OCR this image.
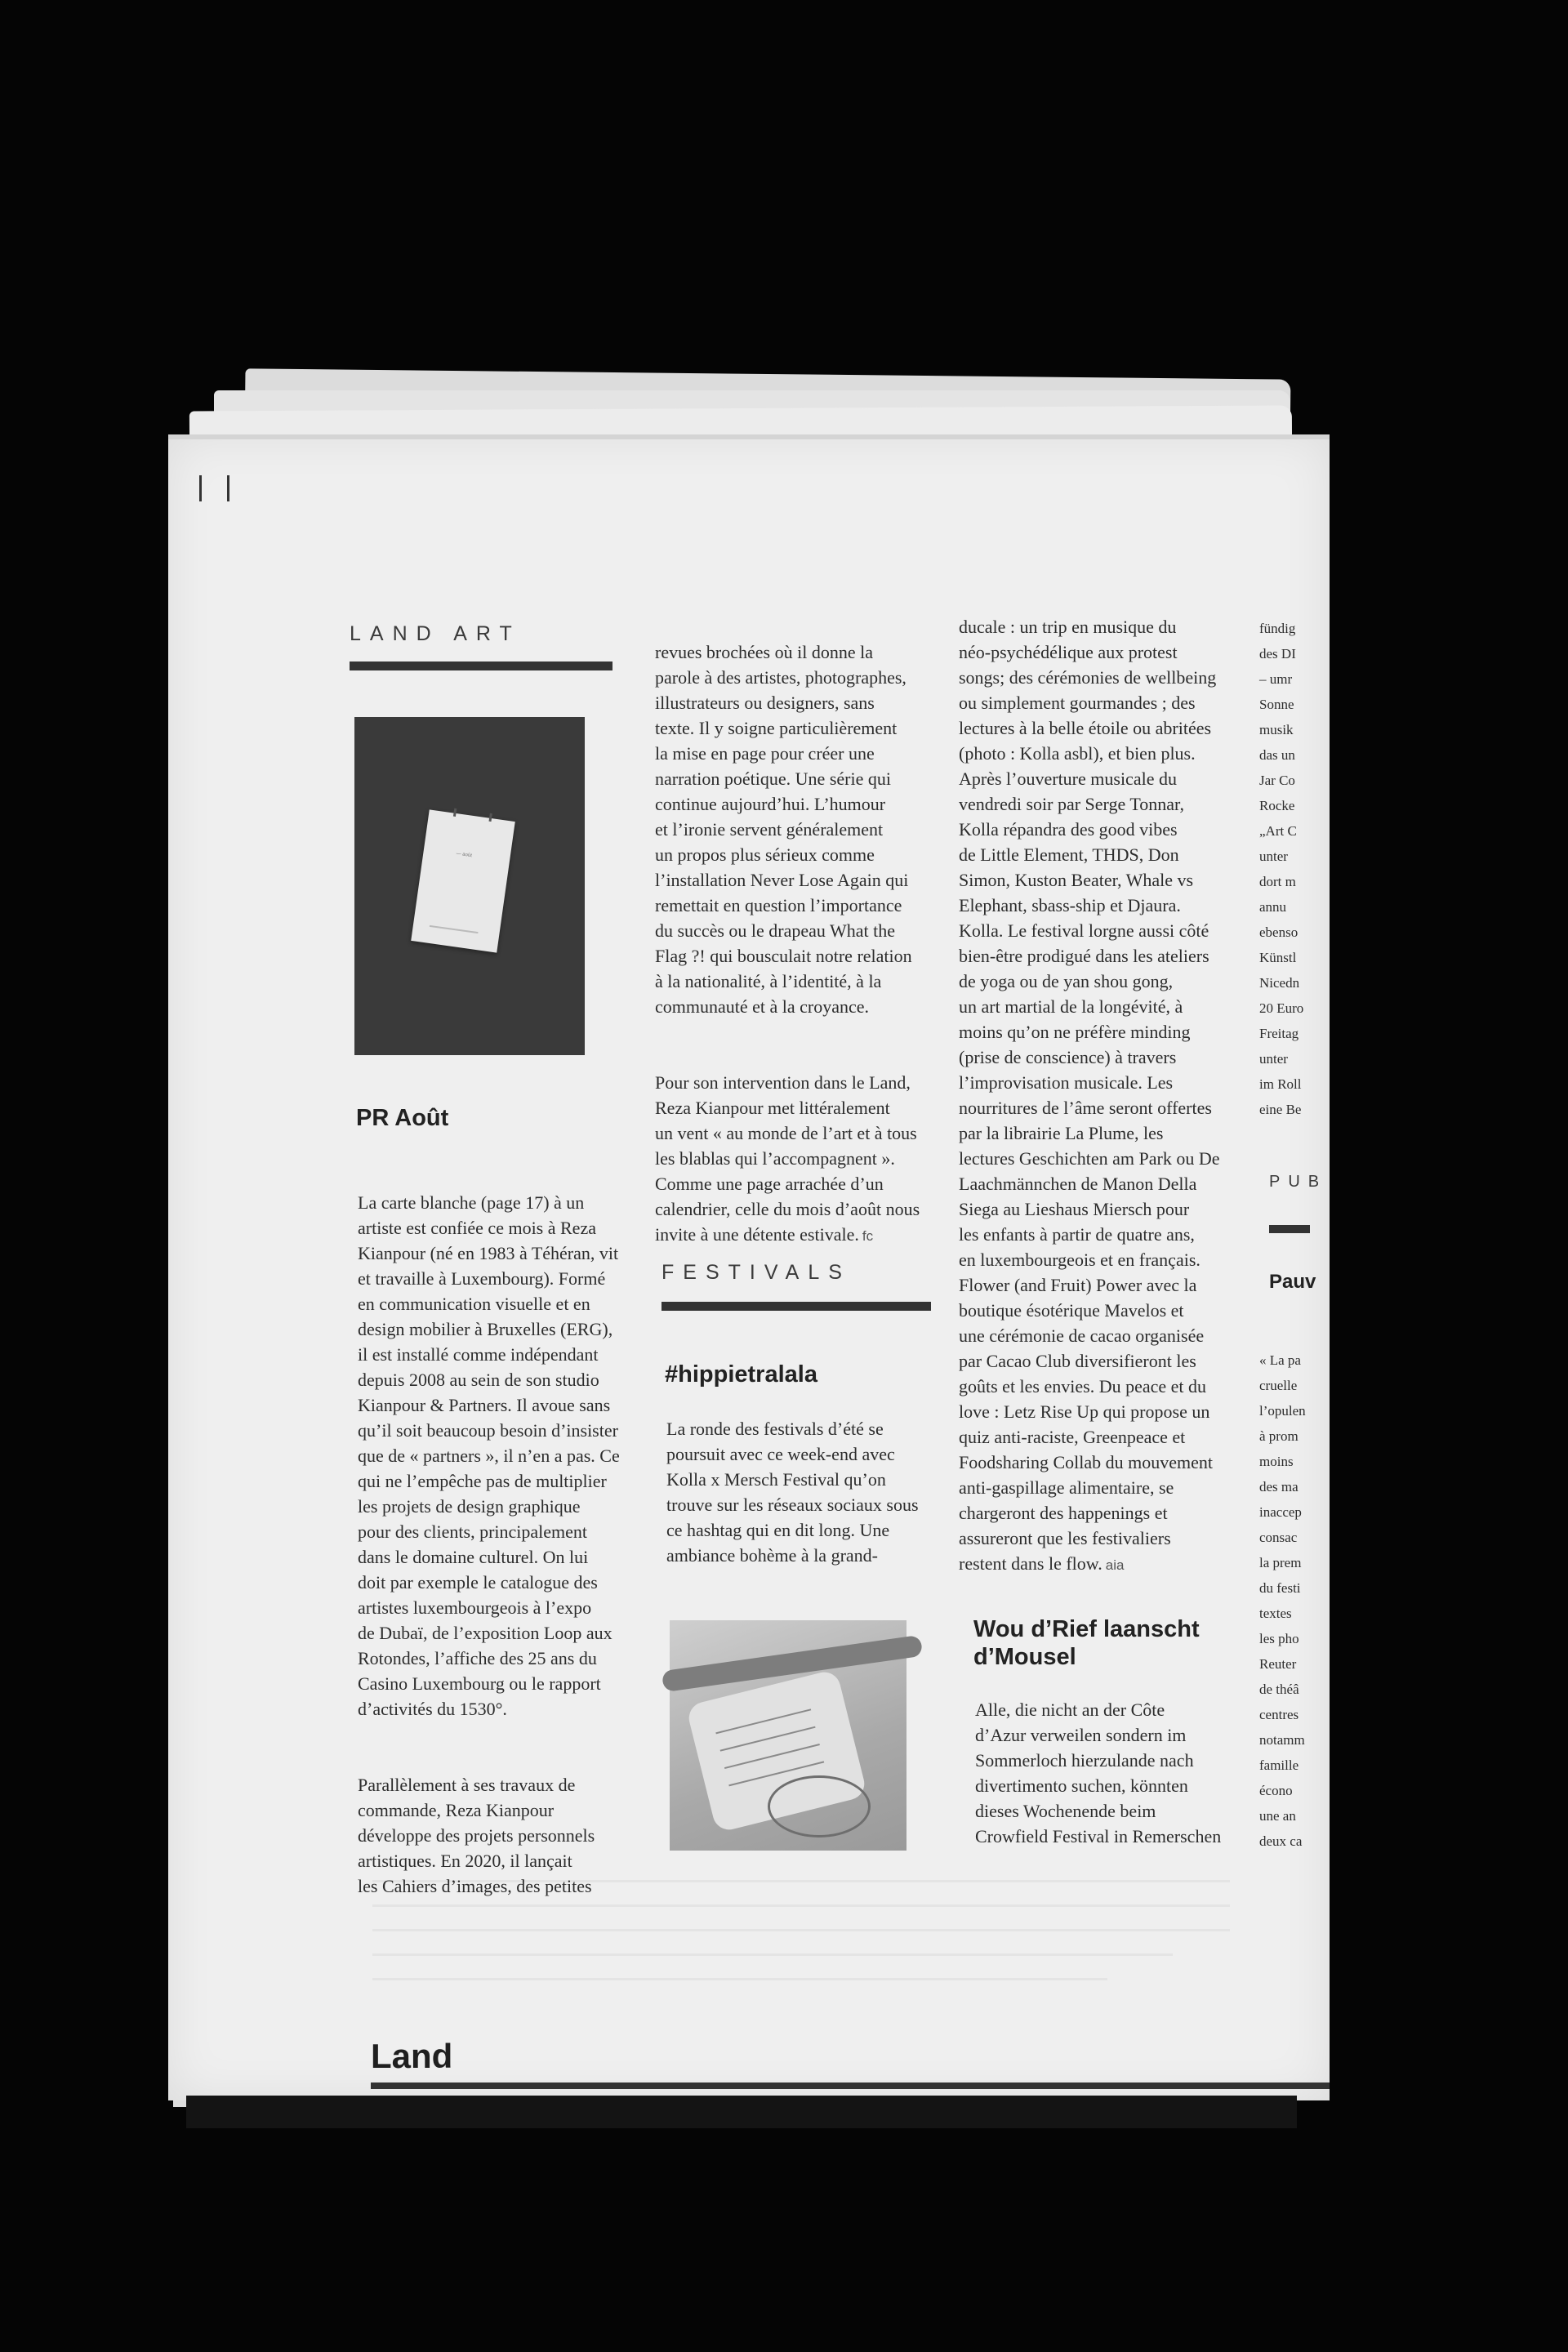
LAND ART
— août
PR Août

La carte blanche (page 17) à un
artiste est confiée ce mois à Reza
Kianpour (né en 1983 à Téhéran, vit
et travaille à Luxembourg). Formé
en communication visuelle et en
design mobilier à Bruxelles (ERG),
il est installé comme indépendant
depuis 2008 au sein de son studio
Kianpour & Partners. Il avoue sans
qu’il soit beaucoup besoin d’insister
que de « partners », il n’en a pas. Ce
qui ne l’empêche pas de multiplier
les projets de design graphique
pour des clients, principalement
dans le domaine culturel. On lui
doit par exemple le catalogue des
artistes luxembourgeois à l’expo
de Dubaï, de l’exposition Loop aux
Rotondes, l’affiche des 25 ans du
Casino Luxembourg ou le rapport
d’activités du 1530°.

Parallèlement à ses travaux de
commande, Reza Kianpour
développe des projets personnels
artistiques. En 2020, il lançait
les Cahiers d’images, des petites

revues brochées où il donne la
parole à des artistes, photographes,
illustrateurs ou designers, sans
texte. Il y soigne particulièrement
la mise en page pour créer une
narration poétique. Une série qui
continue aujourd’hui. L’humour
et l’ironie servent généralement
un propos plus sérieux comme
l’installation Never Lose Again qui
remettait en question l’importance
du succès ou le drapeau What the
Flag ?! qui bousculait notre relation
à la nationalité, à l’identité, à la
communauté et à la croyance.

Pour son intervention dans le Land,
Reza Kianpour met littéralement
un vent « au monde de l’art et à tous
les blablas qui l’accompagnent ».
Comme une page arrachée d’un
calendrier, celle du mois d’août nous
invite à une détente estivale. fc

FESTIVALS
#hippietralala
La ronde des festivals d’été se
poursuit avec ce week-end avec
Kolla x Mersch Festival qu’on
trouve sur les réseaux sociaux sous
ce hashtag qui en dit long. Une
ambiance bohème à la grand-
ducale : un trip en musique du
néo-psychédélique aux protest
songs; des cérémonies de wellbeing
ou simplement gourmandes ; des
lectures à la belle étoile ou abritées
(photo : Kolla asbl), et bien plus.
Après l’ouverture musicale du
vendredi soir par Serge Tonnar,
Kolla répandra des good vibes
de Little Element, THDS, Don
Simon, Kuston Beater, Whale vs
Elephant, sbass-ship et Djaura.
Kolla. Le festival lorgne aussi côté
bien-être prodigué dans les ateliers
de yoga ou de yan shou gong,
un art martial de la longévité, à
moins qu’on ne préfère minding
(prise de conscience) à travers
l’improvisation musicale. Les
nourritures de l’âme seront offertes
par la librairie La Plume, les
lectures Geschichten am Park ou De
Laachmännchen de Manon Della
Siega au Lieshaus Miersch pour
les enfants à partir de quatre ans,
en luxembourgeois et en français.
Flower (and Fruit) Power avec la
boutique ésotérique Mavelos et
une cérémonie de cacao organisée
par Cacao Club diversifieront les
goûts et les envies. Du peace et du
love : Letz Rise Up qui propose un
quiz anti-raciste, Greenpeace et
Foodsharing Collab du mouvement
anti-gaspillage alimentaire, se
chargeront des happenings et
assureront que les festivaliers
restent dans le flow. aia
Wou d’Rief laanscht
d’Mousel
Alle, die nicht an der Côte
d’Azur verweilen sondern im
Sommerloch hierzulande nach
divertimento suchen, könnten
dieses Wochenende beim
Crowfield Festival in Remerschen
fündig
des DI
– umr
Sonne
musik
das un
Jar Co
Rocke
„Art C
unter
dort m
annu
ebenso
Künstl
Nicedn
20 Euro
Freitag
unter
im Roll
eine Be
PUB
Pauv
« La pa
cruelle
l’opulen
à prom
moins
des ma
inaccep
consac
la prem
du festi
textes
les pho
Reuter
de théâ
centres
notamm
famille
écono
une an
deux ca
Land
